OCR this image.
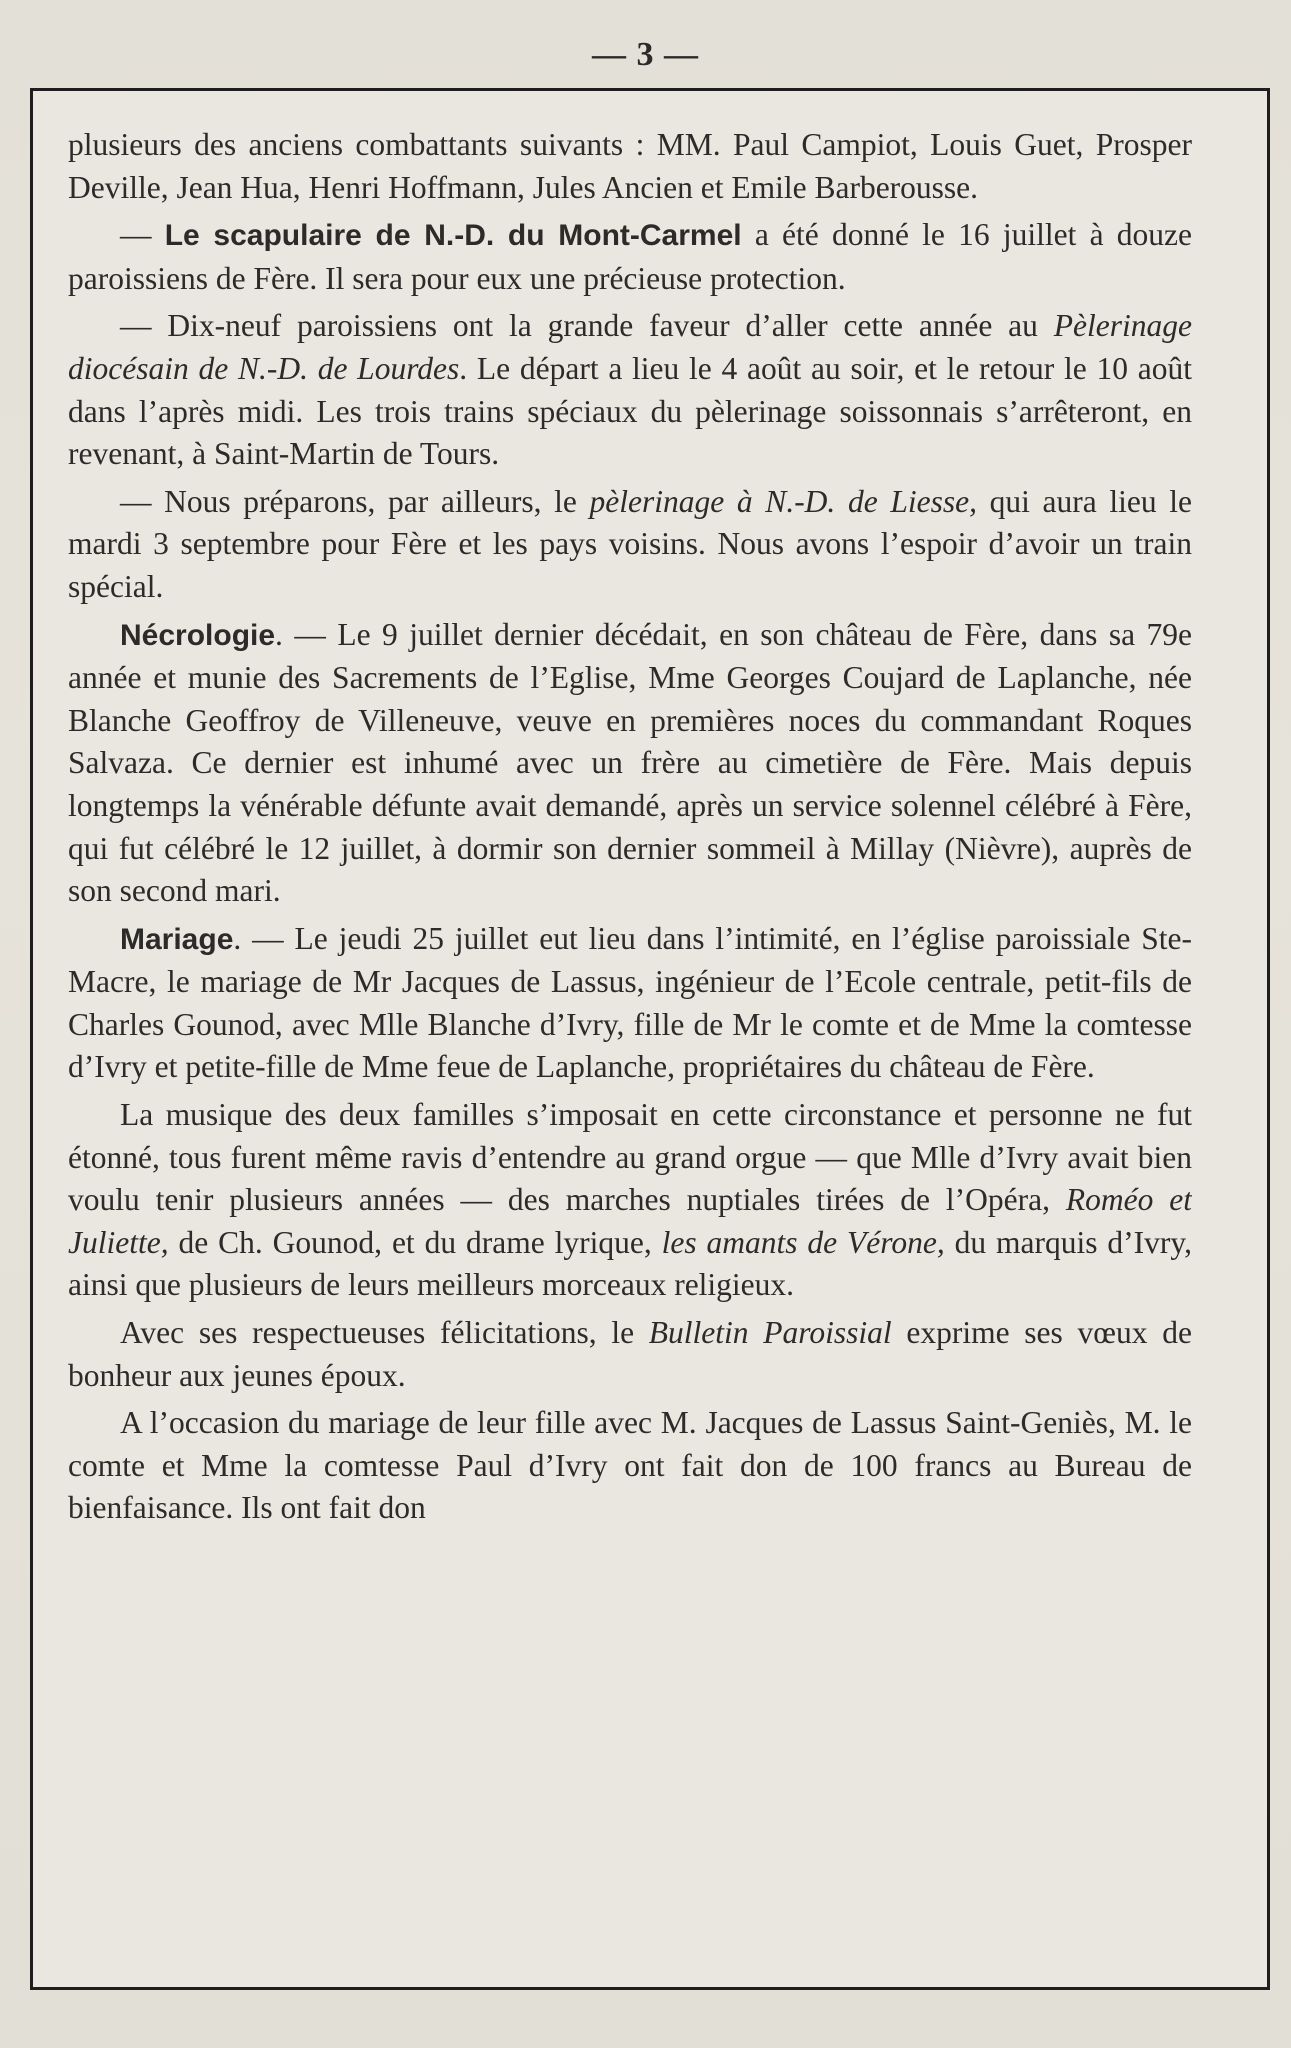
— 3 —

plusieurs des anciens combattants suivants : MM. Paul Campiot, Louis Guet, Prosper Deville, Jean Hua, Henri Hoffmann, Jules Ancien et Emile Barberousse.

— Le scapulaire de N.-D. du Mont-Carmel a été donné le 16 juillet à douze paroissiens de Fère. Il sera pour eux une précieuse protection.

— Dix-neuf paroissiens ont la grande faveur d’aller cette année au Pèlerinage diocésain de N.-D. de Lourdes. Le départ a lieu le 4 août au soir, et le retour le 10 août dans l’après midi. Les trois trains spéciaux du pèlerinage soissonnais s’arrêteront, en revenant, à Saint-Martin de Tours.

— Nous préparons, par ailleurs, le pèlerinage à N.-D. de Liesse, qui aura lieu le mardi 3 septembre pour Fère et les pays voisins. Nous avons l’espoir d’avoir un train spécial.

Nécrologie. — Le 9 juillet dernier décédait, en son château de Fère, dans sa 79e année et munie des Sacrements de l’Eglise, Mme Georges Coujard de Laplanche, née Blanche Geoffroy de Villeneuve, veuve en premières noces du commandant Roques Salvaza. Ce dernier est inhumé avec un frère au cimetière de Fère. Mais depuis longtemps la vénérable défunte avait demandé, après un service solennel célébré à Fère, qui fut célébré le 12 juillet, à dormir son dernier sommeil à Millay (Nièvre), auprès de son second mari.

Mariage. — Le jeudi 25 juillet eut lieu dans l’intimité, en l’église paroissiale Ste-Macre, le mariage de Mr Jacques de Lassus, ingénieur de l’Ecole centrale, petit-fils de Charles Gounod, avec Mlle Blanche d’Ivry, fille de Mr le comte et de Mme la comtesse d’Ivry et petite-fille de Mme feue de Laplanche, propriétaires du château de Fère.

La musique des deux familles s’imposait en cette circonstance et personne ne fut étonné, tous furent même ravis d’entendre au grand orgue — que Mlle d’Ivry avait bien voulu tenir plusieurs années — des marches nuptiales tirées de l’Opéra, Roméo et Juliette, de Ch. Gounod, et du drame lyrique, les amants de Vérone, du marquis d’Ivry, ainsi que plusieurs de leurs meilleurs morceaux religieux.

Avec ses respectueuses félicitations, le Bulletin Paroissial exprime ses vœux de bonheur aux jeunes époux.

A l’occasion du mariage de leur fille avec M. Jacques de Lassus Saint-Geniès, M. le comte et Mme la comtesse Paul d’Ivry ont fait don de 100 francs au Bureau de bienfaisance. Ils ont fait don
